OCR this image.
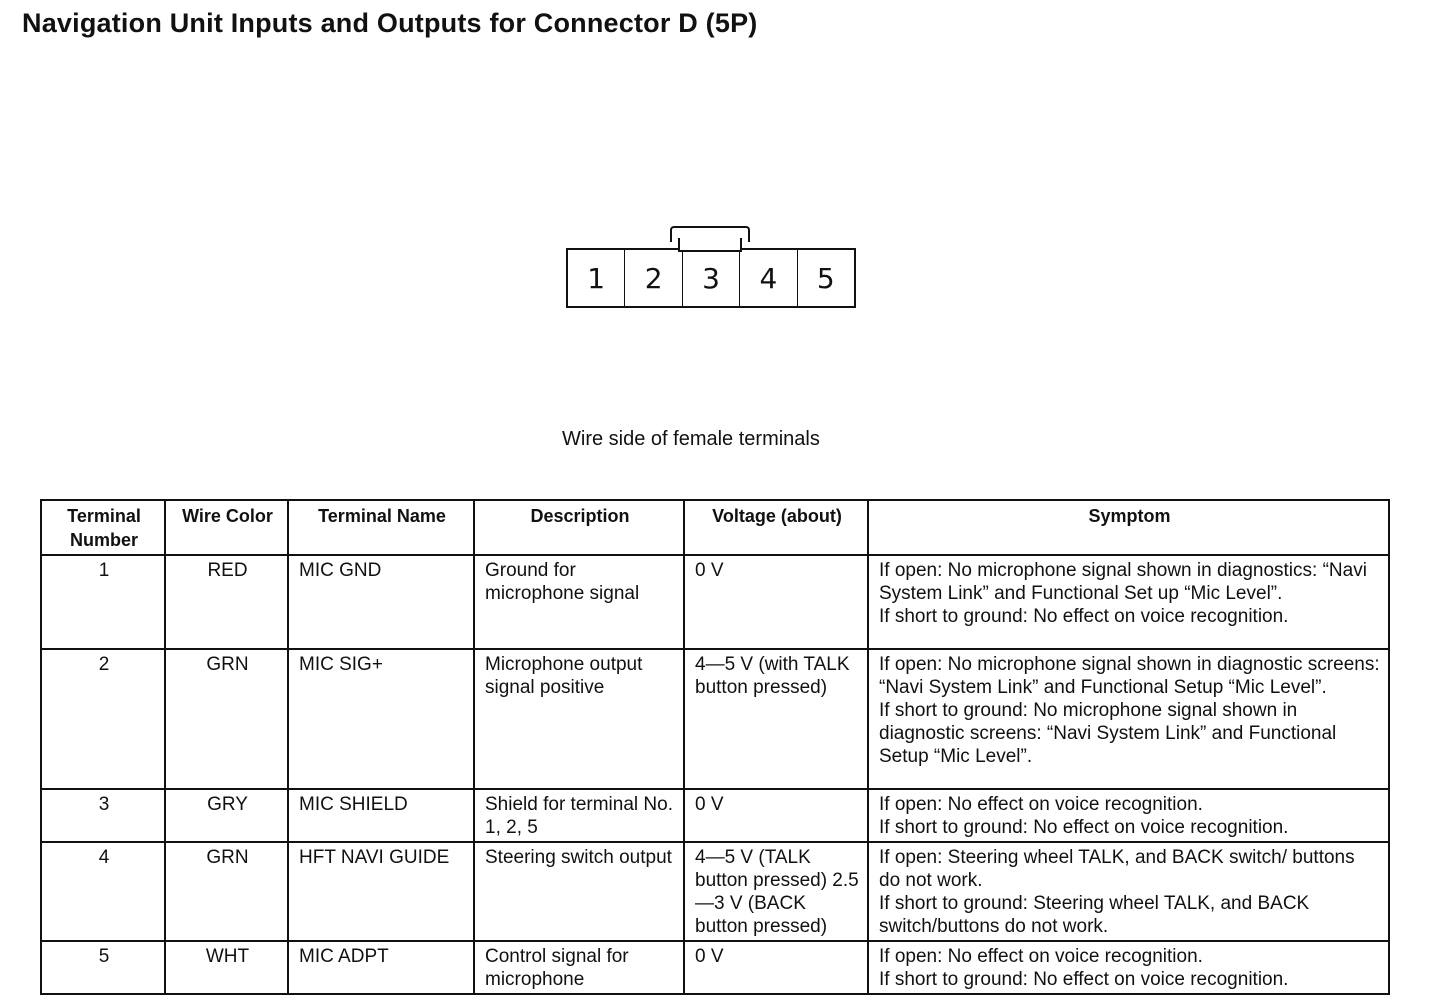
Navigation Unit Inputs and Outputs for Connector D (5P)
1	2	3	4	5
Wire side of female terminals
Terminal Number	Wire Color	Terminal Name	Description	Voltage (about)	Symptom
1	RED	MIC GND	Ground for microphone signal	0 V	If open: No microphone signal shown in diagnostics: “Navi System Link” and Functional Set up “Mic Level”.
If short to ground: No effect on voice recognition.

2	GRN	MIC SIG+	Microphone output signal positive	4—5 V (with TALK button pressed)	If open: No microphone signal shown in diagnostic screens: “Navi System Link” and Functional Setup “Mic Level”.
If short to ground: No microphone signal shown in diagnostic screens: “Navi System Link” and Functional Setup “Mic Level”.

3	GRY	MIC SHIELD	Shield for terminal No. 1, 2, 5	0 V	If open: No effect on voice recognition.
If short to ground: No effect on voice recognition.

4	GRN	HFT NAVI GUIDE	Steering switch output	4—5 V (TALK button pressed) 2.5—3 V (BACK button pressed)	If open: Steering wheel TALK, and BACK switch/ buttons do not work.
If short to ground: Steering wheel TALK, and BACK switch/buttons do not work.

5	WHT	MIC ADPT	Control signal for microphone	0 V	If open: No effect on voice recognition.
If short to ground: No effect on voice recognition.
